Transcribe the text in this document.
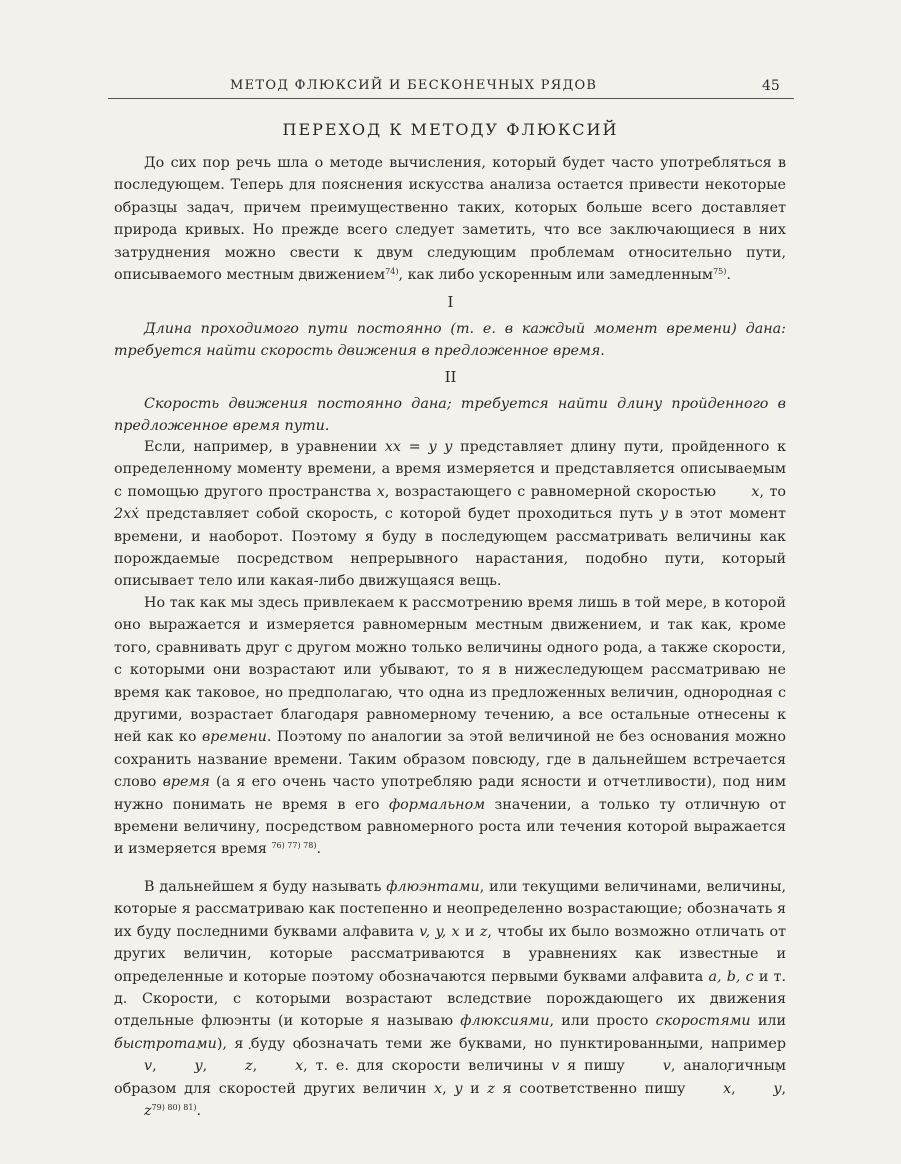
МЕТОД ФЛЮКСИЙ И БЕСКОНЕЧНЫХ РЯДОВ	45
ПЕРЕХОД К МЕТОДУ ФЛЮКСИЙ

До сих пор речь шла о методе вычисления, который будет часто употребляться в последующем. Теперь для пояснения искусства анализа остается привести некоторые образцы задач, причем преимущественно таких, которых больше всего доставляет природа кривых. Но прежде всего следует заметить, что все заключающиеся в них затруднения можно свести к двум следующим проблемам относительно пути, описываемого местным движением$^{74)}$, как либо ускоренным или замедленным$^{75)}$.

I

Длина проходимого пути постоянно (т. е. в каждый момент времени) дана: требуется найти скорость движения в предложенное время.

II

Скорость движения постоянно дана; требуется найти длину пройденного в предложенное время пути.

Если, например, в уравнении xx = y y представляет длину пути, пройденного к определенному моменту времени, а время измеряется и представляется описываемым с помощью другого пространства x, возрастающего с равномерной скоростью ˙ x, то 2xẋ представляет собой скорость, с которой будет проходиться путь y в этот момент времени, и наоборот. Поэтому я буду в последующем рассматривать величины как порождаемые посредством непрерывного нарастания, подобно пути, который описывает тело или какая-либо движущаяся вещь.

Но так как мы здесь привлекаем к рассмотрению время лишь в той мере, в которой оно выражается и измеряется равномерным местным движением, и так как, кроме того, сравнивать друг с другом можно только величины одного рода, а также скорости, с которыми они возрастают или убывают, то я в нижеследующем рассматриваю не время как таковое, но предполагаю, что одна из предложенных величин, однородная с другими, возрастает благодаря равномерному течению, а все остальные отнесены к ней как ко времени. Поэтому по аналогии за этой величиной не без основания можно сохранить название времени. Таким образом повсюду, где в дальнейшем встречается слово время (а я его очень часто употребляю ради ясности и отчетливости), под ним нужно понимать не время в его формальном значении, а только ту отличную от времени величину, посредством равномерного роста или течения которой выражается и измеряется время $^{76) 77) 78)}$.

В дальнейшем я буду называть флюэнтами, или текущими величинами, величины, которые я рассматриваю как постепенно и неопределенно возрастающие; обозначать я их буду последними буквами алфавита v, y, x и z, чтобы их было возможно отличать от других величин, которые рассматриваются в уравнениях как известные и определенные и которые поэтому обозначаются первыми буквами алфавита a, b, c и т. д. Скорости, с которыми возрастают вследствие порождающего их движения отдельные флюэнты (и которые я называю флюксиями, или просто скоростями или быстротами), я буду обозначать теми же буквами, но пунктированными, например ˙ v, ˙ y, ˙ z, ˙ x, т. е. для скорости величины v я пишу ˙ v, аналогичным образом для скоростей других величин x, y и z я соответственно пишу ˙ x, ˙ y, ˙ $z^{79) 80) 81)}$.
